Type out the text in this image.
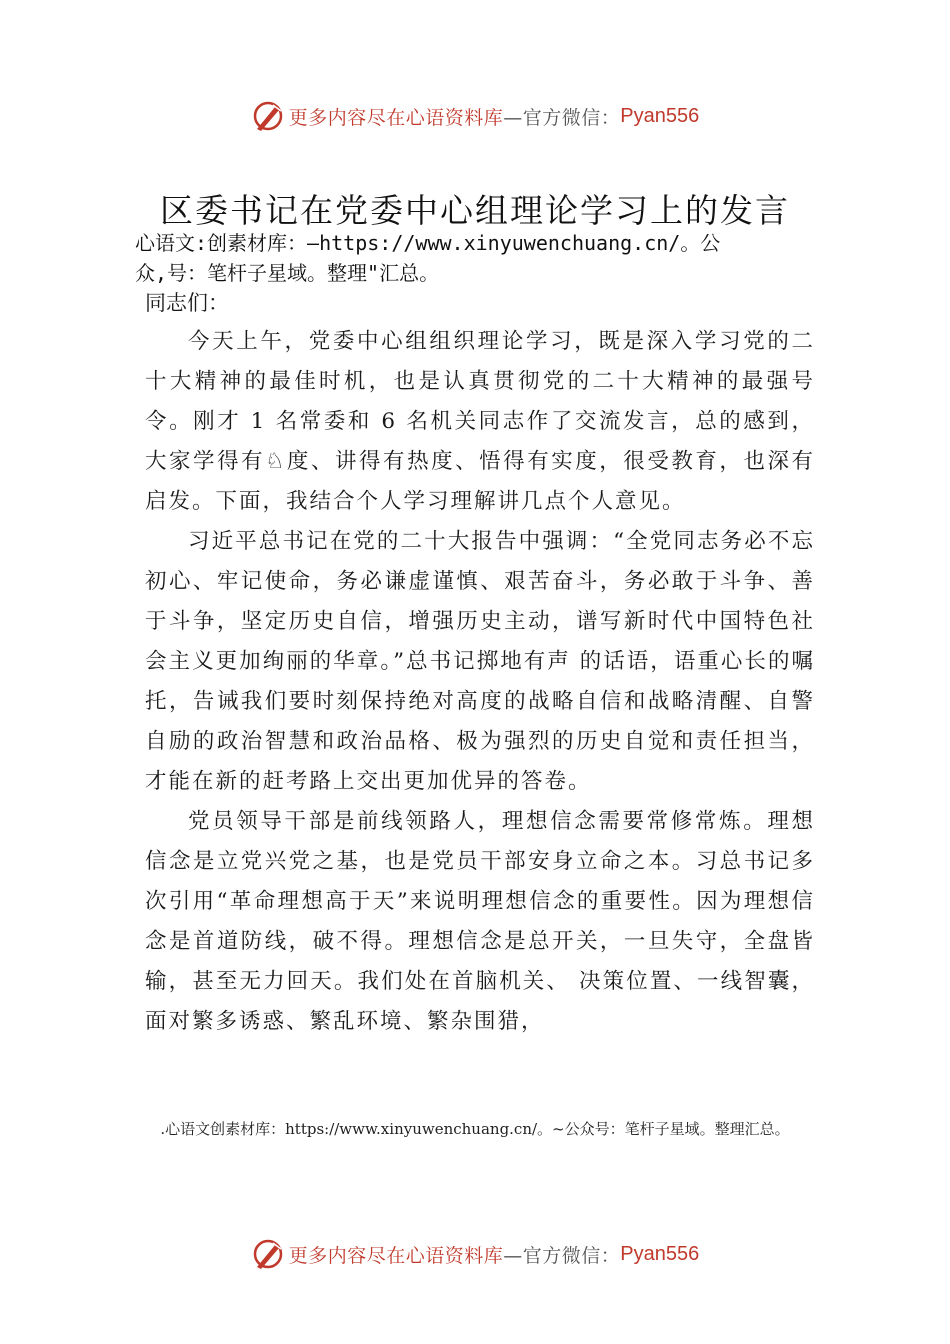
更多内容尽在心语资料库 —官方微信： Pyan556
区委书记在党委中心组理论学习上的发言
心语文:创素材库：—https://www.xinyuwenchuang.cn/。公
众,号：笔杆子星域。整理"汇总。
同志们：

今天上午，党委中心组组织理论学习，既是深入学习党的二十大精神的最佳时机，也是认真贯彻党的二十大精神的最强号令。刚才 1 名常委和 6 名机关同志作了交流发言，总的感到，大家学得有♘度、讲得有热度、悟得有实度，很受教育，也深有启发。下面，我结合个人学习理解讲几点个人意见。

习近平总书记在党的二十大报告中强调：“全党同志务必不忘初心、牢记使命，务必谦虚谨慎、艰苦奋斗，务必敢于斗争、善于斗争，坚定历史自信，增强历史主动，谱写新时代中国特色社会主义更加绚丽的华章。”总书记掷地有声 的话语，语重心长的嘱托，告诫我们要时刻保持绝对高度的战略自信和战略清醒、自警自励的政治智慧和政治品格、极为强烈的历史自觉和责任担当，才能在新的赶考路上交出更加优异的答卷。

党员领导干部是前线领路人，理想信念需要常修常炼。理想信念是立党兴党之基，也是党员干部安身立命之本。习总书记多次引用“革命理想高于天”来说明理想信念的重要性。因为理想信念是首道防线，破不得。理想信念是总开关，一旦失守，全盘皆输，甚至无力回天。我们处在首脑机关、 决策位置、一线智囊，面对繁多诱惑、繁乱环境、繁杂围猎，

.心语文创素材库：https://www.xinyuwenchuang.cn/。~公众号：笔杆子星域。整理汇总。
更多内容尽在心语资料库 —官方微信： Pyan556
